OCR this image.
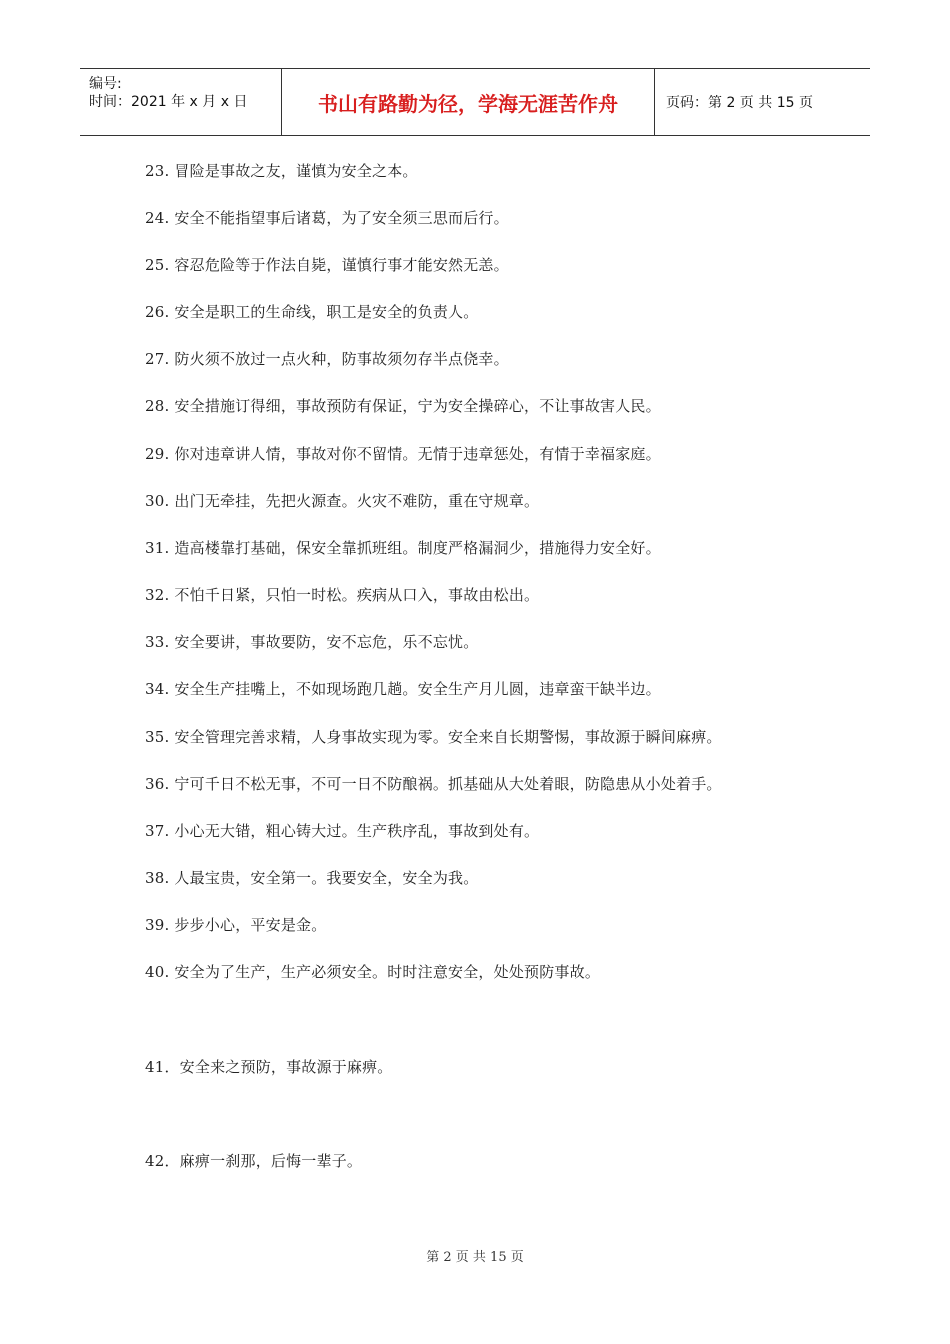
编号:
时间：2021 年 x 月 x 日	书山有路勤为径，学海无涯苦作舟	页码：第 2 页 共 15 页
23. 冒险是事故之友，谨慎为安全之本。
24. 安全不能指望事后诸葛，为了安全须三思而后行。
25. 容忍危险等于作法自毙，谨慎行事才能安然无恙。
26. 安全是职工的生命线，职工是安全的负责人。
27. 防火须不放过一点火种，防事故须勿存半点侥幸。
28. 安全措施订得细，事故预防有保证，宁为安全操碎心，不让事故害人民。
29. 你对违章讲人情，事故对你不留情。无情于违章惩处，有情于幸福家庭。
30. 出门无牵挂，先把火源查。火灾不难防，重在守规章。
31. 造高楼靠打基础，保安全靠抓班组。制度严格漏洞少，措施得力安全好。
32. 不怕千日紧，只怕一时松。疾病从口入，事故由松出。
33. 安全要讲，事故要防，安不忘危，乐不忘忧。
34. 安全生产挂嘴上，不如现场跑几趟。安全生产月儿圆，违章蛮干缺半边。
35. 安全管理完善求精，人身事故实现为零。安全来自长期警惕，事故源于瞬间麻痹。
36. 宁可千日不松无事，不可一日不防酿祸。抓基础从大处着眼，防隐患从小处着手。
37. 小心无大错，粗心铸大过。生产秩序乱，事故到处有。
38. 人最宝贵，安全第一。我要安全，安全为我。
39. 步步小心，平安是金。
40. 安全为了生产，生产必须安全。时时注意安全，处处预防事故。
41．安全来之预防，事故源于麻痹。
42．麻痹一刹那，后悔一辈子。
第 2 页 共 15 页
